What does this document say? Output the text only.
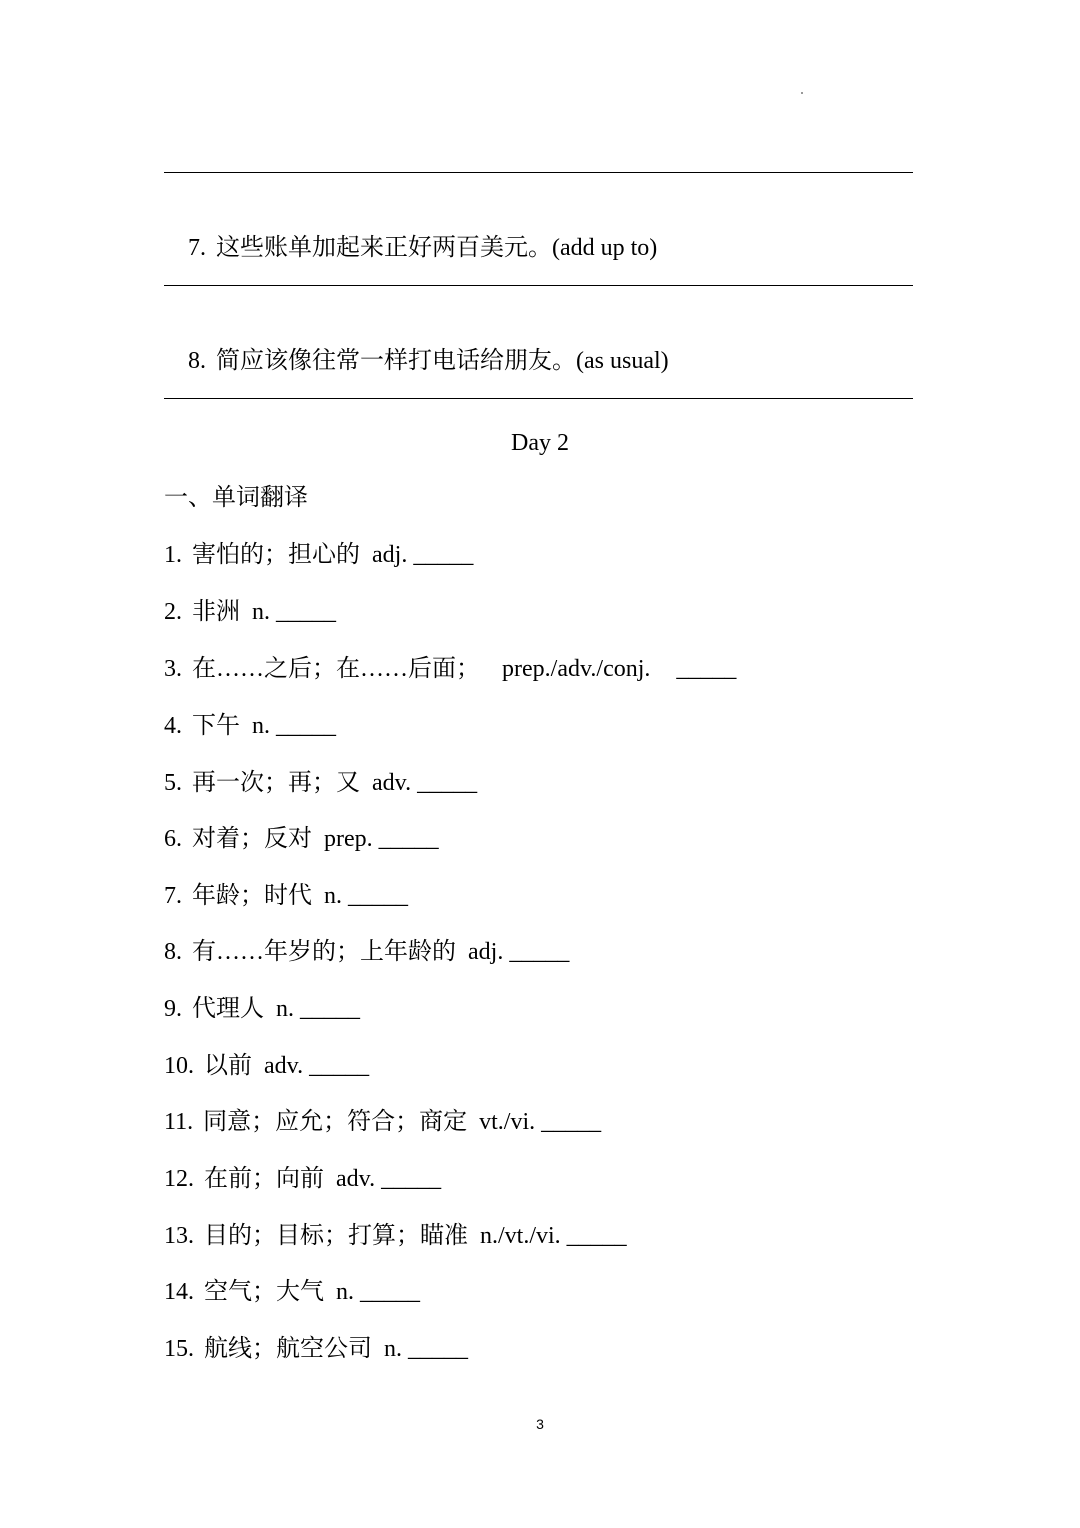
7. 这些账单加起来正好两百美元。(add up to)

8. 简应该像往常一样打电话给朋友。(as usual)

Day 2
一、单词翻译
1. 害怕的；担心的 adj. _____
2. 非洲 n. _____
3. 在……之后；在……后面； prep./adv./conj. _____
4. 下午 n. _____
5. 再一次；再；又 adv. _____
6. 对着；反对 prep. _____
7. 年龄；时代 n. _____
8. 有……年岁的；上年龄的 adj. _____
9. 代理人 n. _____
10. 以前 adv. _____
11. 同意；应允；符合；商定 vt./vi. _____
12. 在前；向前 adv. _____
13. 目的；目标；打算；瞄准 n./vt./vi. _____
14. 空气；大气 n. _____
15. 航线；航空公司 n. _____
3
